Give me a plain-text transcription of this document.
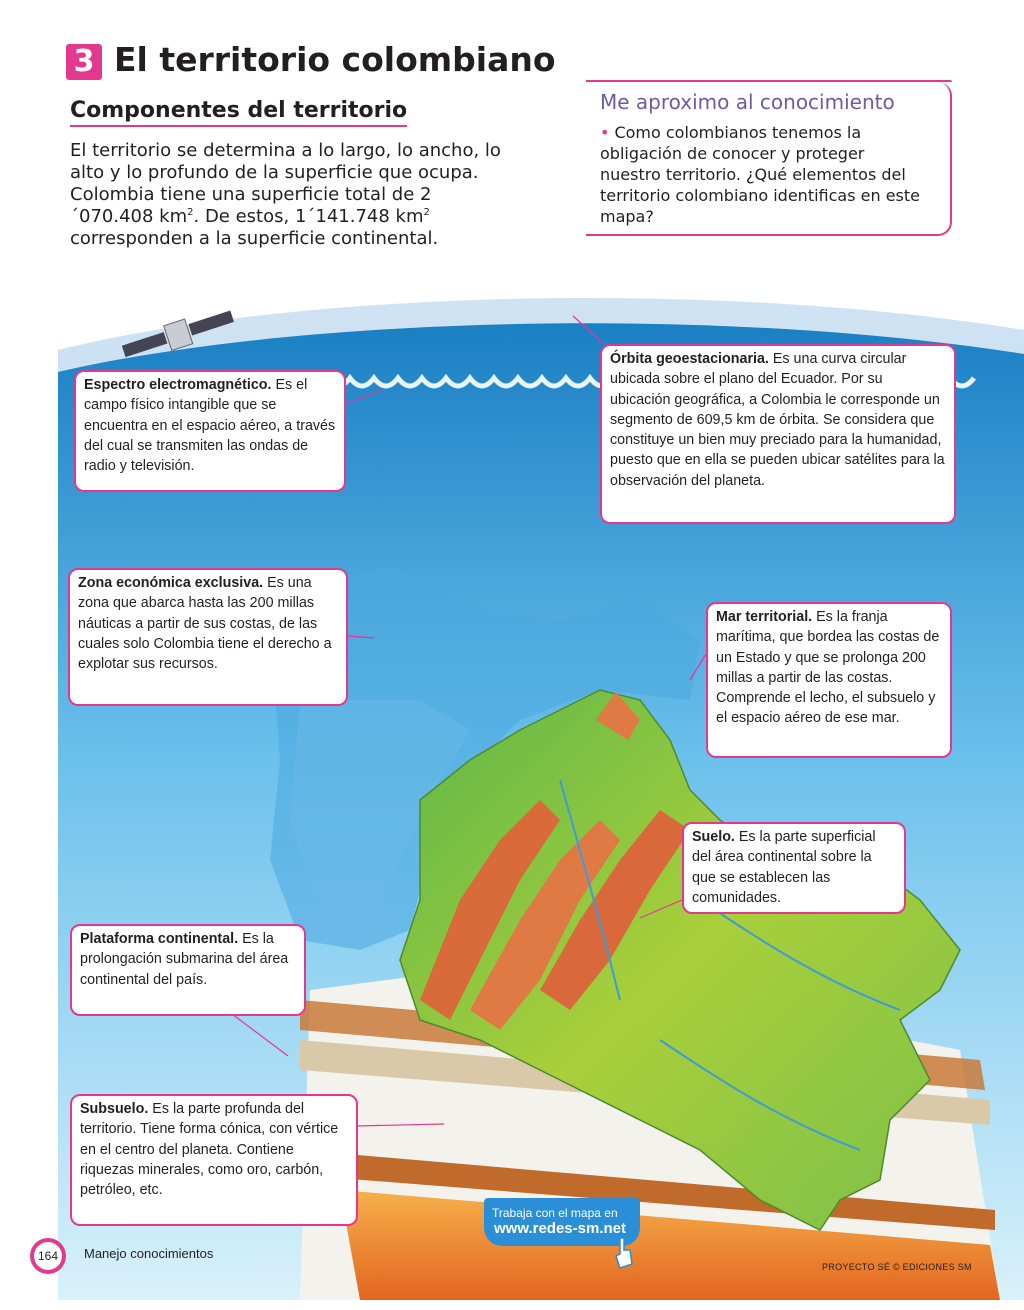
3 El territorio colombiano
Componentes del territorio
El territorio se determina a lo largo, lo ancho, lo alto y lo profundo de la superficie que ocupa. Colombia tiene una superficie total de 2´070.408 $km^2$. De estos, 1´141.748 $km^2$ corresponden a la superficie continental.
Me aproximo al conocimiento
• Como colombianos tenemos la obligación de conocer y proteger nuestro territorio. ¿Qué elementos del territorio colombiano identificas en este mapa?
Espectro electromagnético. Es el campo físico intangible que se encuentra en el espacio aéreo, a través del cual se transmiten las ondas de radio y televisión.
Órbita geoestacionaria. Es una curva circular ubicada sobre el plano del Ecuador. Por su ubicación geográfica, a Colombia le corresponde un segmento de 609,5 km de órbita. Se considera que constituye un bien muy preciado para la humanidad, puesto que en ella se pueden ubicar satélites para la observación del planeta.
Zona económica exclusiva. Es una zona que abarca hasta las 200 millas náuticas a partir de sus costas, de las cuales solo Colombia tiene el derecho a explotar sus recursos.
Mar territorial. Es la franja marítima, que bordea las costas de un Estado y que se prolonga 200 millas a partir de las costas. Comprende el lecho, el subsuelo y el espacio aéreo de ese mar.
Suelo. Es la parte superficial del área continental sobre la que se establecen las comunidades.
Plataforma continental. Es la prolongación submarina del área continental del país.
Subsuelo. Es la parte profunda del territorio. Tiene forma cónica, con vértice en el centro del planeta. Contiene riquezas minerales, como oro, carbón, petróleo, etc.
Trabaja con el mapa en
www.redes-sm.net
164	Manejo conocimientos
PROYECTO SÉ © EDICIONES SM
